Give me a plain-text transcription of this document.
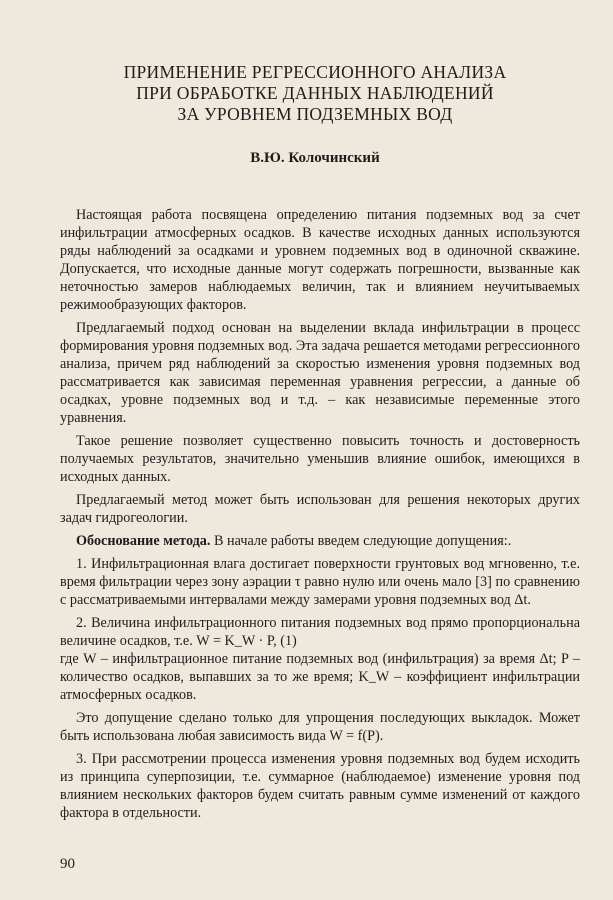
ПРИМЕНЕНИЕ РЕГРЕССИОННОГО АНАЛИЗА
ПРИ ОБРАБОТКЕ ДАННЫХ НАБЛЮДЕНИЙ
ЗА УРОВНЕМ ПОДЗЕМНЫХ ВОД
В.Ю. Колочинский

Настоящая работа посвящена определению питания подземных вод за счет инфильтрации атмосферных осадков. В качестве исходных данных используются ряды наблюдений за осадками и уровнем подземных вод в одиночной скважине. Допускается, что исходные данные могут содержать погрешности, вызванные как неточностью замеров наблюдаемых величин, так и влиянием неучитываемых режимообразующих факторов.

Предлагаемый подход основан на выделении вклада инфильтрации в процесс формирования уровня подземных вод. Эта задача решается методами регрессионного анализа, причем ряд наблюдений за скоростью изменения уровня подземных вод рассматривается как зависимая переменная уравнения регрессии, а данные об осадках, уровне подземных вод и т.д. – как независимые переменные этого уравнения.

Такое решение позволяет существенно повысить точность и достоверность получаемых результатов, значительно уменьшив влияние ошибок, имеющихся в исходных данных.

Предлагаемый метод может быть использован для решения некоторых других задач гидрогеологии.

Обоснование метода. В начале работы введем следующие допущения:.

1. Инфильтрационная влага достигает поверхности грунтовых вод мгновенно, т.е. время фильтрации через зону аэрации τ равно нулю или очень мало [3] по сравнению с рассматриваемыми интервалами между замерами уровня подземных вод Δt.

2. Величина инфильтрационного питания подземных вод прямо пропорциональна величине осадков, т.е. W = K_W · P, (1)

где W – инфильтрационное питание подземных вод (инфильтрация) за время Δt; P – количество осадков, выпавших за то же время; K_W – коэффициент инфильтрации атмосферных осадков.

Это допущение сделано только для упрощения последующих выкладок. Может быть использована любая зависимость вида W = f(P).

3. При рассмотрении процесса изменения уровня подземных вод будем исходить из принципа суперпозиции, т.е. суммарное (наблюдаемое) изменение уровня под влиянием нескольких факторов будем считать равным сумме изменений от каждого фактора в отдельности.

90
